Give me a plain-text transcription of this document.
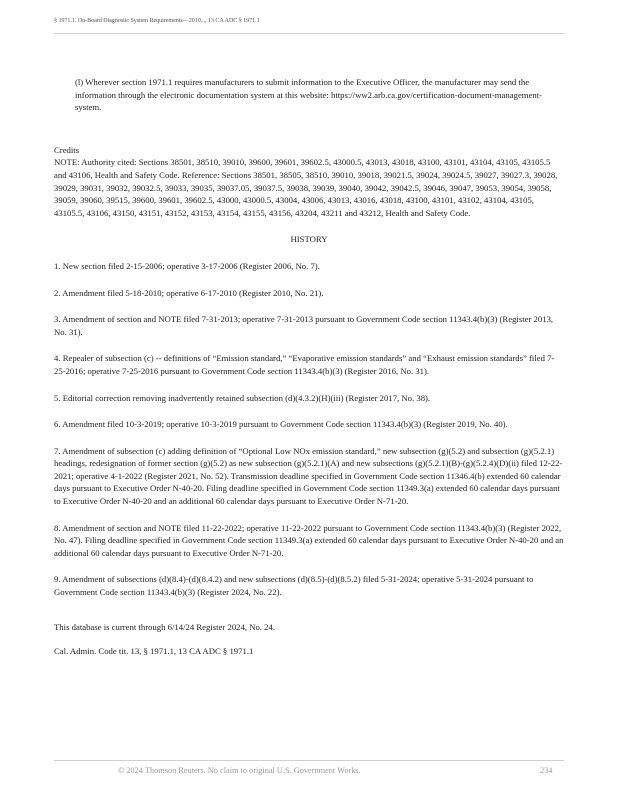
§ 1971.1. On-Board Diagnostic System Requirements—2010..., 13 CA ADC § 1971.1

(l) Wherever section 1971.1 requires manufacturers to submit information to the Executive Officer, the manufacturer may send the information through the electronic documentation system at this website: https://ww2.arb.ca.gov/certification-document-management-system.

Credits

NOTE: Authority cited: Sections 38501, 38510, 39010, 39600, 39601, 39602.5, 43000.5, 43013, 43018, 43100, 43101, 43104, 43105, 43105.5 and 43106, Health and Safety Code. Reference: Sections 38501, 38505, 38510, 39010, 39018, 39021.5, 39024, 39024.5, 39027, 39027.3, 39028, 39029, 39031, 39032, 39032.5, 39033, 39035, 39037.05, 39037.5, 39038, 39039, 39040, 39042, 39042.5, 39046, 39047, 39053, 39054, 39058, 39059, 39060, 39515, 39600, 39601, 39602.5, 43000, 43000.5, 43004, 43006, 43013, 43016, 43018, 43100, 43101, 43102, 43104, 43105, 43105.5, 43106, 43150, 43151, 43152, 43153, 43154, 43155, 43156, 43204, 43211 and 43212, Health and Safety Code.

HISTORY

1. New section filed 2-15-2006; operative 3-17-2006 (Register 2006, No. 7).

2. Amendment filed 5-18-2010; operative 6-17-2010 (Register 2010, No. 21).

3. Amendment of section and NOTE filed 7-31-2013; operative 7-31-2013 pursuant to Government Code section 11343.4(b)(3) (Register 2013, No. 31).

4. Repealer of subsection (c) -- definitions of “Emission standard,” “Evaporative emission standards” and “Exhaust emission standards” filed 7-25-2016; operative 7-25-2016 pursuant to Government Code section 11343.4(b)(3) (Register 2016, No. 31).

5. Editorial correction removing inadvertently retained subsection (d)(4.3.2)(H)(iii) (Register 2017, No. 38).

6. Amendment filed 10-3-2019; operative 10-3-2019 pursuant to Government Code section 11343.4(b)(3) (Register 2019, No. 40).

7. Amendment of subsection (c) adding definition of “Optional Low NOx emission standard,” new subsection (g)(5.2) and subsection (g)(5.2.1) headings, redesignation of former section (g)(5.2) as new subsection (g)(5.2.1)(A) and new subsections (g)(5.2.1)(B)-(g)(5.2.4)(D)(ii) filed 12-22-2021; operative 4-1-2022 (Register 2021, No. 52). Transmission deadline specified in Government Code section 11346.4(b) extended 60 calendar days pursuant to Executive Order N-40-20. Filing deadline specified in Government Code section 11349.3(a) extended 60 calendar days pursuant to Executive Order N-40-20 and an additional 60 calendar days pursuant to Executive Order N-71-20.

8. Amendment of section and NOTE filed 11-22-2022; operative 11-22-2022 pursuant to Government Code section 11343.4(b)(3) (Register 2022, No. 47). Filing deadline specified in Government Code section 11349.3(a) extended 60 calendar days pursuant to Executive Order N-40-20 and an additional 60 calendar days pursuant to Executive Order N-71-20.

9. Amendment of subsections (d)(8.4)-(d)(8.4.2) and new subsections (d)(8.5)-(d)(8.5.2) filed 5-31-2024; operative 5-31-2024 pursuant to Government Code section 11343.4(b)(3) (Register 2024, No. 22).

This database is current through 6/14/24 Register 2024, No. 24.

Cal. Admin. Code tit. 13, § 1971.1, 13 CA ADC § 1971.1

© 2024 Thomson Reuters. No claim to original U.S. Government Works.	234
